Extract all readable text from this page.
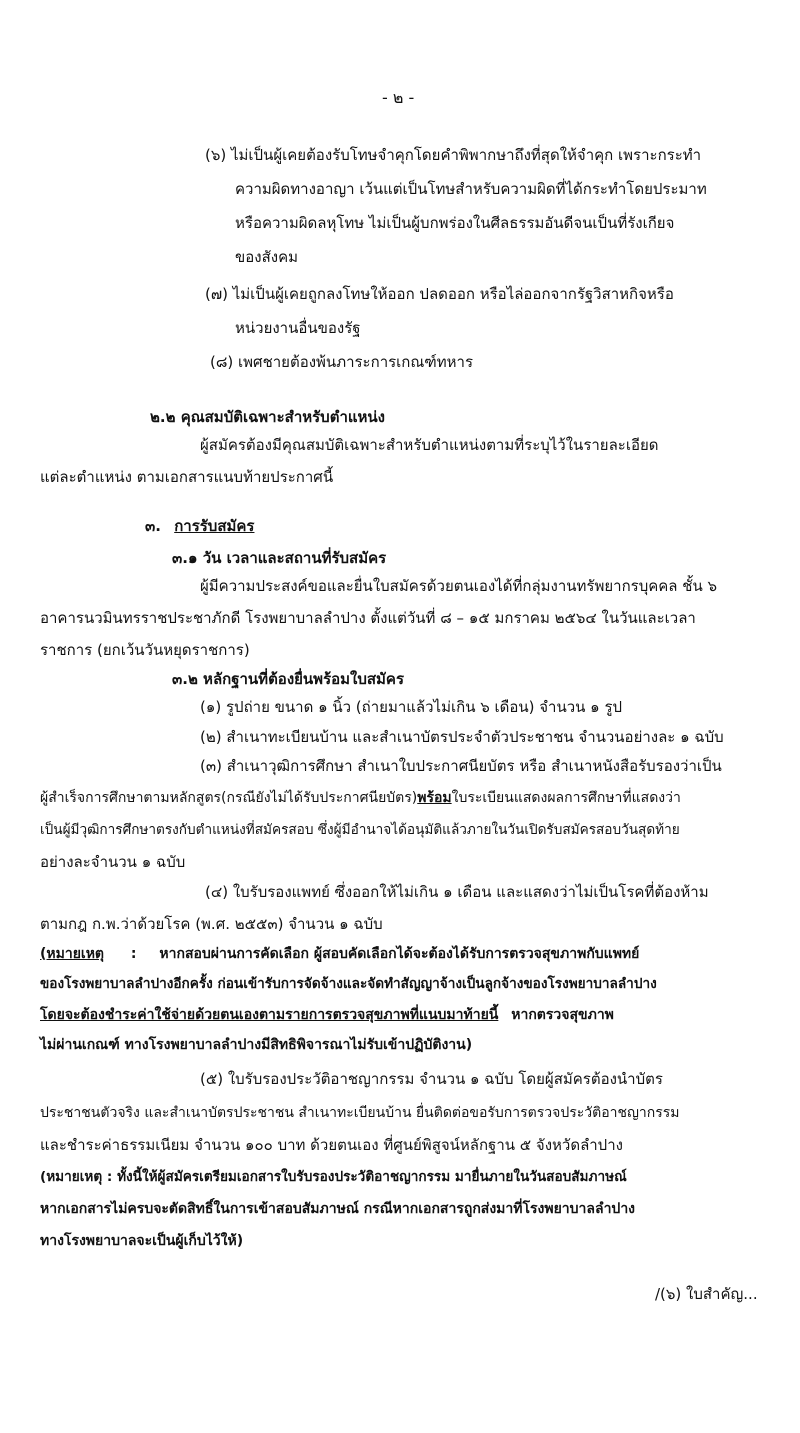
- ๒ -
(๖) ไม่เป็นผู้เคยต้องรับโทษจำคุกโดยคำพิพากษาถึงที่สุดให้จำคุก เพราะกระทำ
ความผิดทางอาญา เว้นแต่เป็นโทษสำหรับความผิดที่ได้กระทำโดยประมาท
หรือความผิดลหุโทษ ไม่เป็นผู้บกพร่องในศีลธรรมอันดีจนเป็นที่รังเกียจ
ของสังคม
(๗) ไม่เป็นผู้เคยถูกลงโทษให้ออก ปลดออก หรือไล่ออกจากรัฐวิสาหกิจหรือ
หน่วยงานอื่นของรัฐ
(๘) เพศชายต้องพ้นภาระการเกณฑ์ทหาร
๒.๒ คุณสมบัติเฉพาะสำหรับตำแหน่ง
ผู้สมัครต้องมีคุณสมบัติเฉพาะสำหรับตำแหน่งตามที่ระบุไว้ในรายละเอียด
แต่ละตำแหน่ง ตามเอกสารแนบท้ายประกาศนี้
๓. การรับสมัคร
๓.๑ วัน เวลาและสถานที่รับสมัคร
ผู้มีความประสงค์ขอและยื่นใบสมัครด้วยตนเองได้ที่กลุ่มงานทรัพยากรบุคคล ชั้น ๖
อาคารนวมินทรราชประชาภักดี โรงพยาบาลลำปาง ตั้งแต่วันที่ ๘ – ๑๕ มกราคม ๒๕๖๔ ในวันและเวลา
ราชการ (ยกเว้นวันหยุดราชการ)
๓.๒ หลักฐานที่ต้องยื่นพร้อมใบสมัคร
(๑) รูปถ่าย ขนาด ๑ นิ้ว (ถ่ายมาแล้วไม่เกิน ๖ เดือน) จำนวน ๑ รูป
(๒) สำเนาทะเบียนบ้าน และสำเนาบัตรประจำตัวประชาชน จำนวนอย่างละ ๑ ฉบับ
(๓) สำเนาวุฒิการศึกษา สำเนาใบประกาศนียบัตร หรือ สำเนาหนังสือรับรองว่าเป็น
ผู้สำเร็จการศึกษาตามหลักสูตร(กรณียังไม่ได้รับประกาศนียบัตร)พร้อมใบระเบียนแสดงผลการศึกษาที่แสดงว่า
เป็นผู้มีวุฒิการศึกษาตรงกับตำแหน่งที่สมัครสอบ ซึ่งผู้มีอำนาจได้อนุมัติแล้วภายในวันเปิดรับสมัครสอบวันสุดท้าย
อย่างละจำนวน ๑ ฉบับ
(๔) ใบรับรองแพทย์ ซึ่งออกให้ไม่เกิน ๑ เดือน และแสดงว่าไม่เป็นโรคที่ต้องห้าม
ตามกฎ ก.พ.ว่าด้วยโรค (พ.ศ. ๒๕๕๓) จำนวน ๑ ฉบับ
(หมายเหตุ : หากสอบผ่านการคัดเลือก ผู้สอบคัดเลือกได้จะต้องได้รับการตรวจสุขภาพกับแพทย์
ของโรงพยาบาลลำปางอีกครั้ง ก่อนเข้ารับการจัดจ้างและจัดทำสัญญาจ้างเป็นลูกจ้างของโรงพยาบาลลำปาง
โดยจะต้องชำระค่าใช้จ่ายด้วยตนเองตามรายการตรวจสุขภาพที่แนบมาท้ายนี้ หากตรวจสุขภาพ
ไม่ผ่านเกณฑ์ ทางโรงพยาบาลลำปางมีสิทธิพิจารณาไม่รับเข้าปฏิบัติงาน)
(๕) ใบรับรองประวัติอาชญากรรม จำนวน ๑ ฉบับ โดยผู้สมัครต้องนำบัตร
ประชาชนตัวจริง และสำเนาบัตรประชาชน สำเนาทะเบียนบ้าน ยื่นติดต่อขอรับการตรวจประวัติอาชญากรรม
และชำระค่าธรรมเนียม จำนวน ๑๐๐ บาท ด้วยตนเอง ที่ศูนย์พิสูจน์หลักฐาน ๕ จังหวัดลำปาง
(หมายเหตุ : ทั้งนี้ให้ผู้สมัครเตรียมเอกสารใบรับรองประวัติอาชญากรรม มายื่นภายในวันสอบสัมภาษณ์
หากเอกสารไม่ครบจะตัดสิทธิ์ในการเข้าสอบสัมภาษณ์ กรณีหากเอกสารถูกส่งมาที่โรงพยาบาลลำปาง
ทางโรงพยาบาลจะเป็นผู้เก็บไว้ให้)
/(๖) ใบสำคัญ...
